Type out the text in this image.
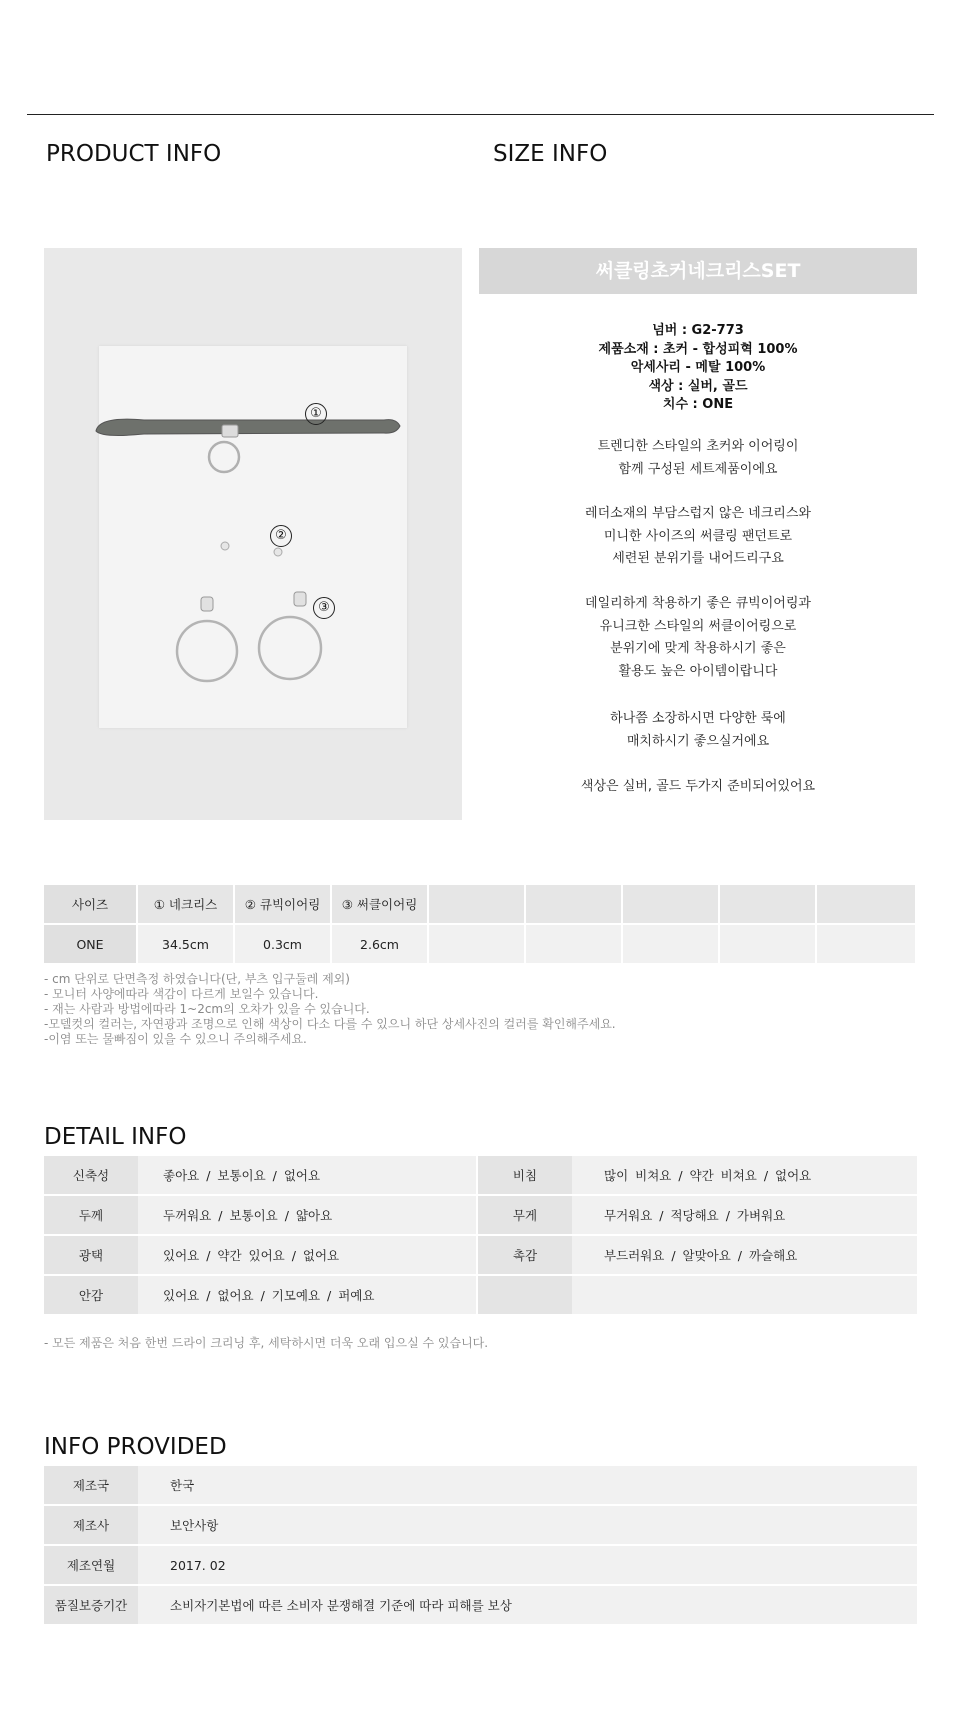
PRODUCT INFO	SIZE INFO
①
②
③
써클링초커네크리스SET
넘버 : G2-773
제품소재 : 초커 - 합성피혁 100%
악세사리 - 메탈 100%
색상 : 실버, 골드
치수 : ONE
트렌디한 스타일의 초커와 이어링이
함께 구성된 세트제품이에요
레더소재의 부담스럽지 않은 네크리스와
미니한 사이즈의 써클링 팬던트로
세련된 분위기를 내어드리구요
데일리하게 착용하기 좋은 큐빅이어링과
유니크한 스타일의 써클이어링으로
분위기에 맞게 착용하시기 좋은
활용도 높은 아이템이랍니다
하나쯤 소장하시면 다양한 룩에
매치하시기 좋으실거에요
색상은 실버, 골드 두가지 준비되어있어요
사이즈	① 네크리스	② 큐빅이어링	③ 써클이어링					
ONE	34.5cm	0.3cm	2.6cm					
- cm 단위로 단면측정 하였습니다(단, 부츠 입구둘레 제외)
- 모니터 사양에따라 색감이 다르게 보일수 있습니다.
- 재는 사람과 방법에따라 1~2cm의 오차가 있을 수 있습니다.
-모델컷의 컬러는, 자연광과 조명으로 인해 색상이 다소 다를 수 있으니 하단 상세사진의 컬러를 확인해주세요.
-이염 또는 물빠짐이 있을 수 있으니 주의해주세요.
DETAIL INFO
신축성	좋아요 / 보통이요 / 없어요	비침	많이 비쳐요 / 약간 비쳐요 / 없어요
두께	두꺼워요 / 보통이요 / 얇아요	무게	무거워요 / 적당해요 / 가벼워요
광택	있어요 / 약간 있어요 / 없어요	촉감	부드러워요 / 알맞아요 / 까슬해요
안감	있어요 / 없어요 / 기모예요 / 퍼예요		
- 모든 제품은 처음 한번 드라이 크리닝 후, 세탁하시면 더욱 오래 입으실 수 있습니다.
INFO PROVIDED
제조국	한국
제조사	보안사항
제조연월	2017. 02
품질보증기간	소비자기본법에 따른 소비자 분쟁해결 기준에 따라 피해를 보상
